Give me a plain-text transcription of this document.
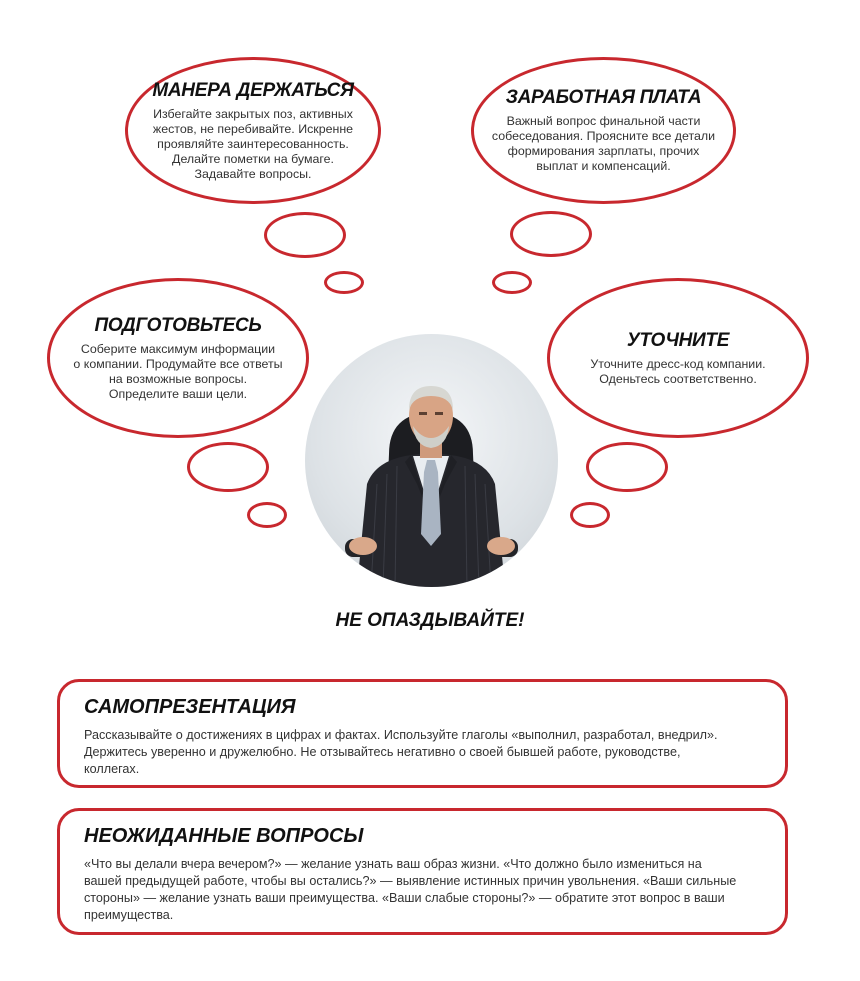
МАНЕРА ДЕРЖАТЬСЯ

Избегайте закрытых поз, активных
жестов, не перебивайте. Искренне
проявляйте заинтересованность.
Делайте пометки на бумаге.
Задавайте вопросы.

ЗАРАБОТНАЯ ПЛАТА

Важный вопрос финальной части
собеседования. Проясните все детали
формирования зарплаты, прочих
выплат и компенсаций.

ПОДГОТОВЬТЕСЬ

Соберите максимум информации
о компании. Продумайте все ответы
на возможные вопросы.
Определите ваши цели.

УТОЧНИТЕ

Уточните дресс-код компании.
Оденьтесь соответственно.

НЕ ОПАЗДЫВАЙТЕ!
САМОПРЕЗЕНТАЦИЯ

Рассказывайте о достижениях в цифрах и фактах. Используйте глаголы «выполнил, разработал, внедрил».
Держитесь уверенно и дружелюбно. Не отзывайтесь негативно о своей бывшей работе, руководстве,
коллегах.

НЕОЖИДАННЫЕ ВОПРОСЫ

«Что вы делали вчера вечером?» — желание узнать ваш образ жизни. «Что должно было измениться на
вашей предыдущей работе, чтобы вы остались?» — выявление истинных причин увольнения. «Ваши сильные
стороны» — желание узнать ваши преимущества. «Ваши слабые стороны?» — обратите этот вопрос в ваши
преимущества.
